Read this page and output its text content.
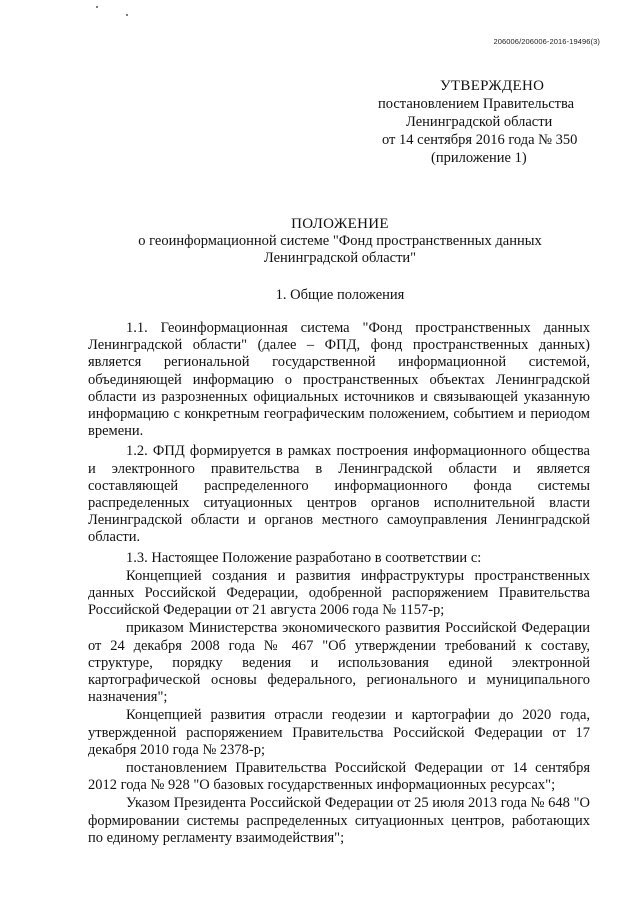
206006/206006-2016-19496(3)
УТВЕРЖДЕНО
постановлением Правительства
Ленинградской области
от 14 сентября 2016 года № 350
(приложение 1)
ПОЛОЖЕНИЕ
о геоинформационной системе "Фонд пространственных данных
Ленинградской области"
1. Общие положения

1.1. Геоинформационная система "Фонд пространственных данных Ленинградской области" (далее – ФПД, фонд пространственных данных) является региональной государственной информационной системой, объединяющей информацию о пространственных объектах Ленинградской области из разрозненных официальных источников и связывающей указанную информацию с конкретным географическим положением, событием и периодом времени.

1.2. ФПД формируется в рамках построения информационного общества и электронного правительства в Ленинградской области и является составляющей распределенного информационного фонда системы распределенных ситуационных центров органов исполнительной власти Ленинградской области и органов местного самоуправления Ленинградской области.

1.3. Настоящее Положение разработано в соответствии с:

Концепцией создания и развития инфраструктуры пространственных данных Российской Федерации, одобренной распоряжением Правительства Российской Федерации от 21 августа 2006 года № 1157-р;

приказом Министерства экономического развития Российской Федерации от 24 декабря 2008 года № 467 "Об утверждении требований к составу, структуре, порядку ведения и использования единой электронной картографической основы федерального, регионального и муниципального назначения";

Концепцией развития отрасли геодезии и картографии до 2020 года, утвержденной распоряжением Правительства Российской Федерации от 17 декабря 2010 года № 2378-р;

постановлением Правительства Российской Федерации от 14 сентября 2012 года № 928 "О базовых государственных информационных ресурсах";

Указом Президента Российской Федерации от 25 июля 2013 года № 648 "О формировании системы распределенных ситуационных центров, работающих по единому регламенту взаимодействия";
